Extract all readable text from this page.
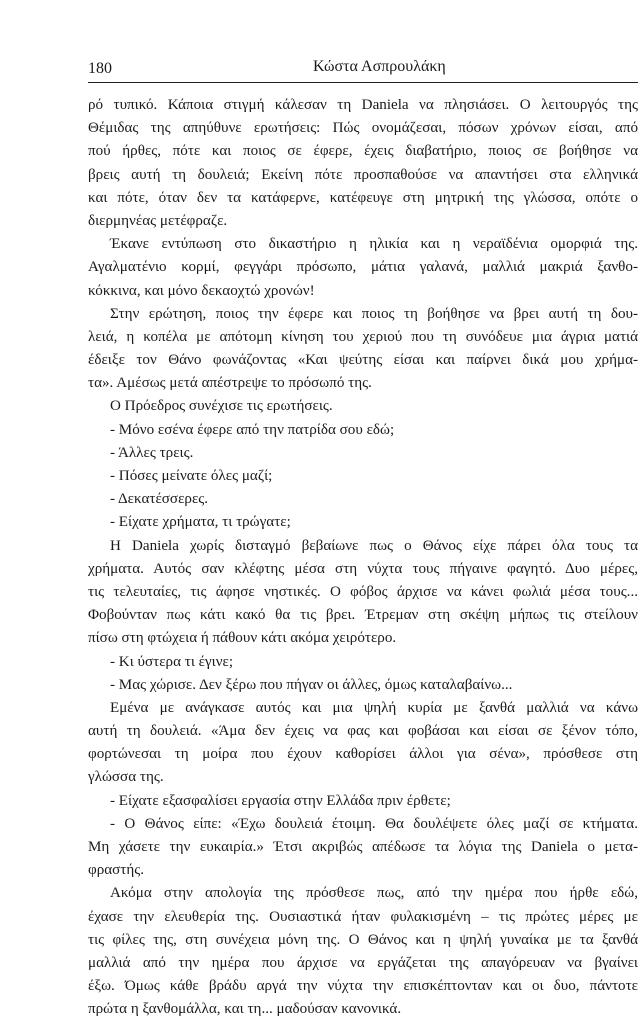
180	Κώστα Ασπρουλάκη
ρό τυπικό. Κάποια στιγμή κάλεσαν τη Daniela να πλησιάσει. Ο λειτουργός της
Θέμιδας της απηύθυνε ερωτήσεις: Πώς ονομάζεσαι, πόσων χρόνων είσαι, από
πού ήρθες, πότε και ποιος σε έφερε, έχεις διαβατήριο, ποιος σε βοήθησε να
βρεις αυτή τη δουλειά; Εκείνη πότε προσπαθούσε να απαντήσει στα ελληνικά
και πότε, όταν δεν τα κατάφερνε, κατέφευγε στη μητρική της γλώσσα, οπότε ο
διερμηνέας μετέφραζε.
Έκανε εντύπωση στο δικαστήριο η ηλικία και η νεραϊδένια ομορφιά της.
Αγαλματένιο κορμί, φεγγάρι πρόσωπο, μάτια γαλανά, μαλλιά μακριά ξανθο-
κόκκινα, και μόνο δεκαοχτώ χρονών!
Στην ερώτηση, ποιος την έφερε και ποιος τη βοήθησε να βρει αυτή τη δου-
λειά, η κοπέλα με απότομη κίνηση του χεριού που τη συνόδευε μια άγρια ματιά
έδειξε τον Θάνο φωνάζοντας «Και ψεύτης είσαι και παίρνει δικά μου χρήμα-
τα». Αμέσως μετά απέστρεψε το πρόσωπό της.
Ο Πρόεδρος συνέχισε τις ερωτήσεις.
- Μόνο εσένα έφερε από την πατρίδα σου εδώ;
- Άλλες τρεις.
- Πόσες μείνατε όλες μαζί;
- Δεκατέσσερες.
- Είχατε χρήματα, τι τρώγατε;
Η Daniela χωρίς δισταγμό βεβαίωνε πως ο Θάνος είχε πάρει όλα τους τα
χρήματα. Αυτός σαν κλέφτης μέσα στη νύχτα τους πήγαινε φαγητό. Δυο μέρες,
τις τελευταίες, τις άφησε νηστικές. Ο φόβος άρχισε να κάνει φωλιά μέσα τους...
Φοβούνταν πως κάτι κακό θα τις βρει. Έτρεμαν στη σκέψη μήπως τις στείλουν
πίσω στη φτώχεια ή πάθουν κάτι ακόμα χειρότερο.
- Κι ύστερα τι έγινε;
- Μας χώρισε. Δεν ξέρω που πήγαν οι άλλες, όμως καταλαβαίνω...
Εμένα με ανάγκασε αυτός και μια ψηλή κυρία με ξανθά μαλλιά να κάνω
αυτή τη δουλειά. «Άμα δεν έχεις να φας και φοβάσαι και είσαι σε ξένον τόπο,
φορτώνεσαι τη μοίρα που έχουν καθορίσει άλλοι για σένα», πρόσθεσε στη
γλώσσα της.
- Είχατε εξασφαλίσει εργασία στην Ελλάδα πριν έρθετε;
- Ο Θάνος είπε: «Έχω δουλειά έτοιμη. Θα δουλέψετε όλες μαζί σε κτήματα.
Μη χάσετε την ευκαιρία.» Έτσι ακριβώς απέδωσε τα λόγια της Daniela ο μετα-
φραστής.
Ακόμα στην απολογία της πρόσθεσε πως, από την ημέρα που ήρθε εδώ,
έχασε την ελευθερία της. Ουσιαστικά ήταν φυλακισμένη – τις πρώτες μέρες με
τις φίλες της, στη συνέχεια μόνη της. Ο Θάνος και η ψηλή γυναίκα με τα ξανθά
μαλλιά από την ημέρα που άρχισε να εργάζεται της απαγόρευαν να βγαίνει
έξω. Όμως κάθε βράδυ αργά την νύχτα την επισκέπτονταν και οι δυο, πάντοτε
πρώτα η ξανθομάλλα, και τη... μαδούσαν κανονικά.
